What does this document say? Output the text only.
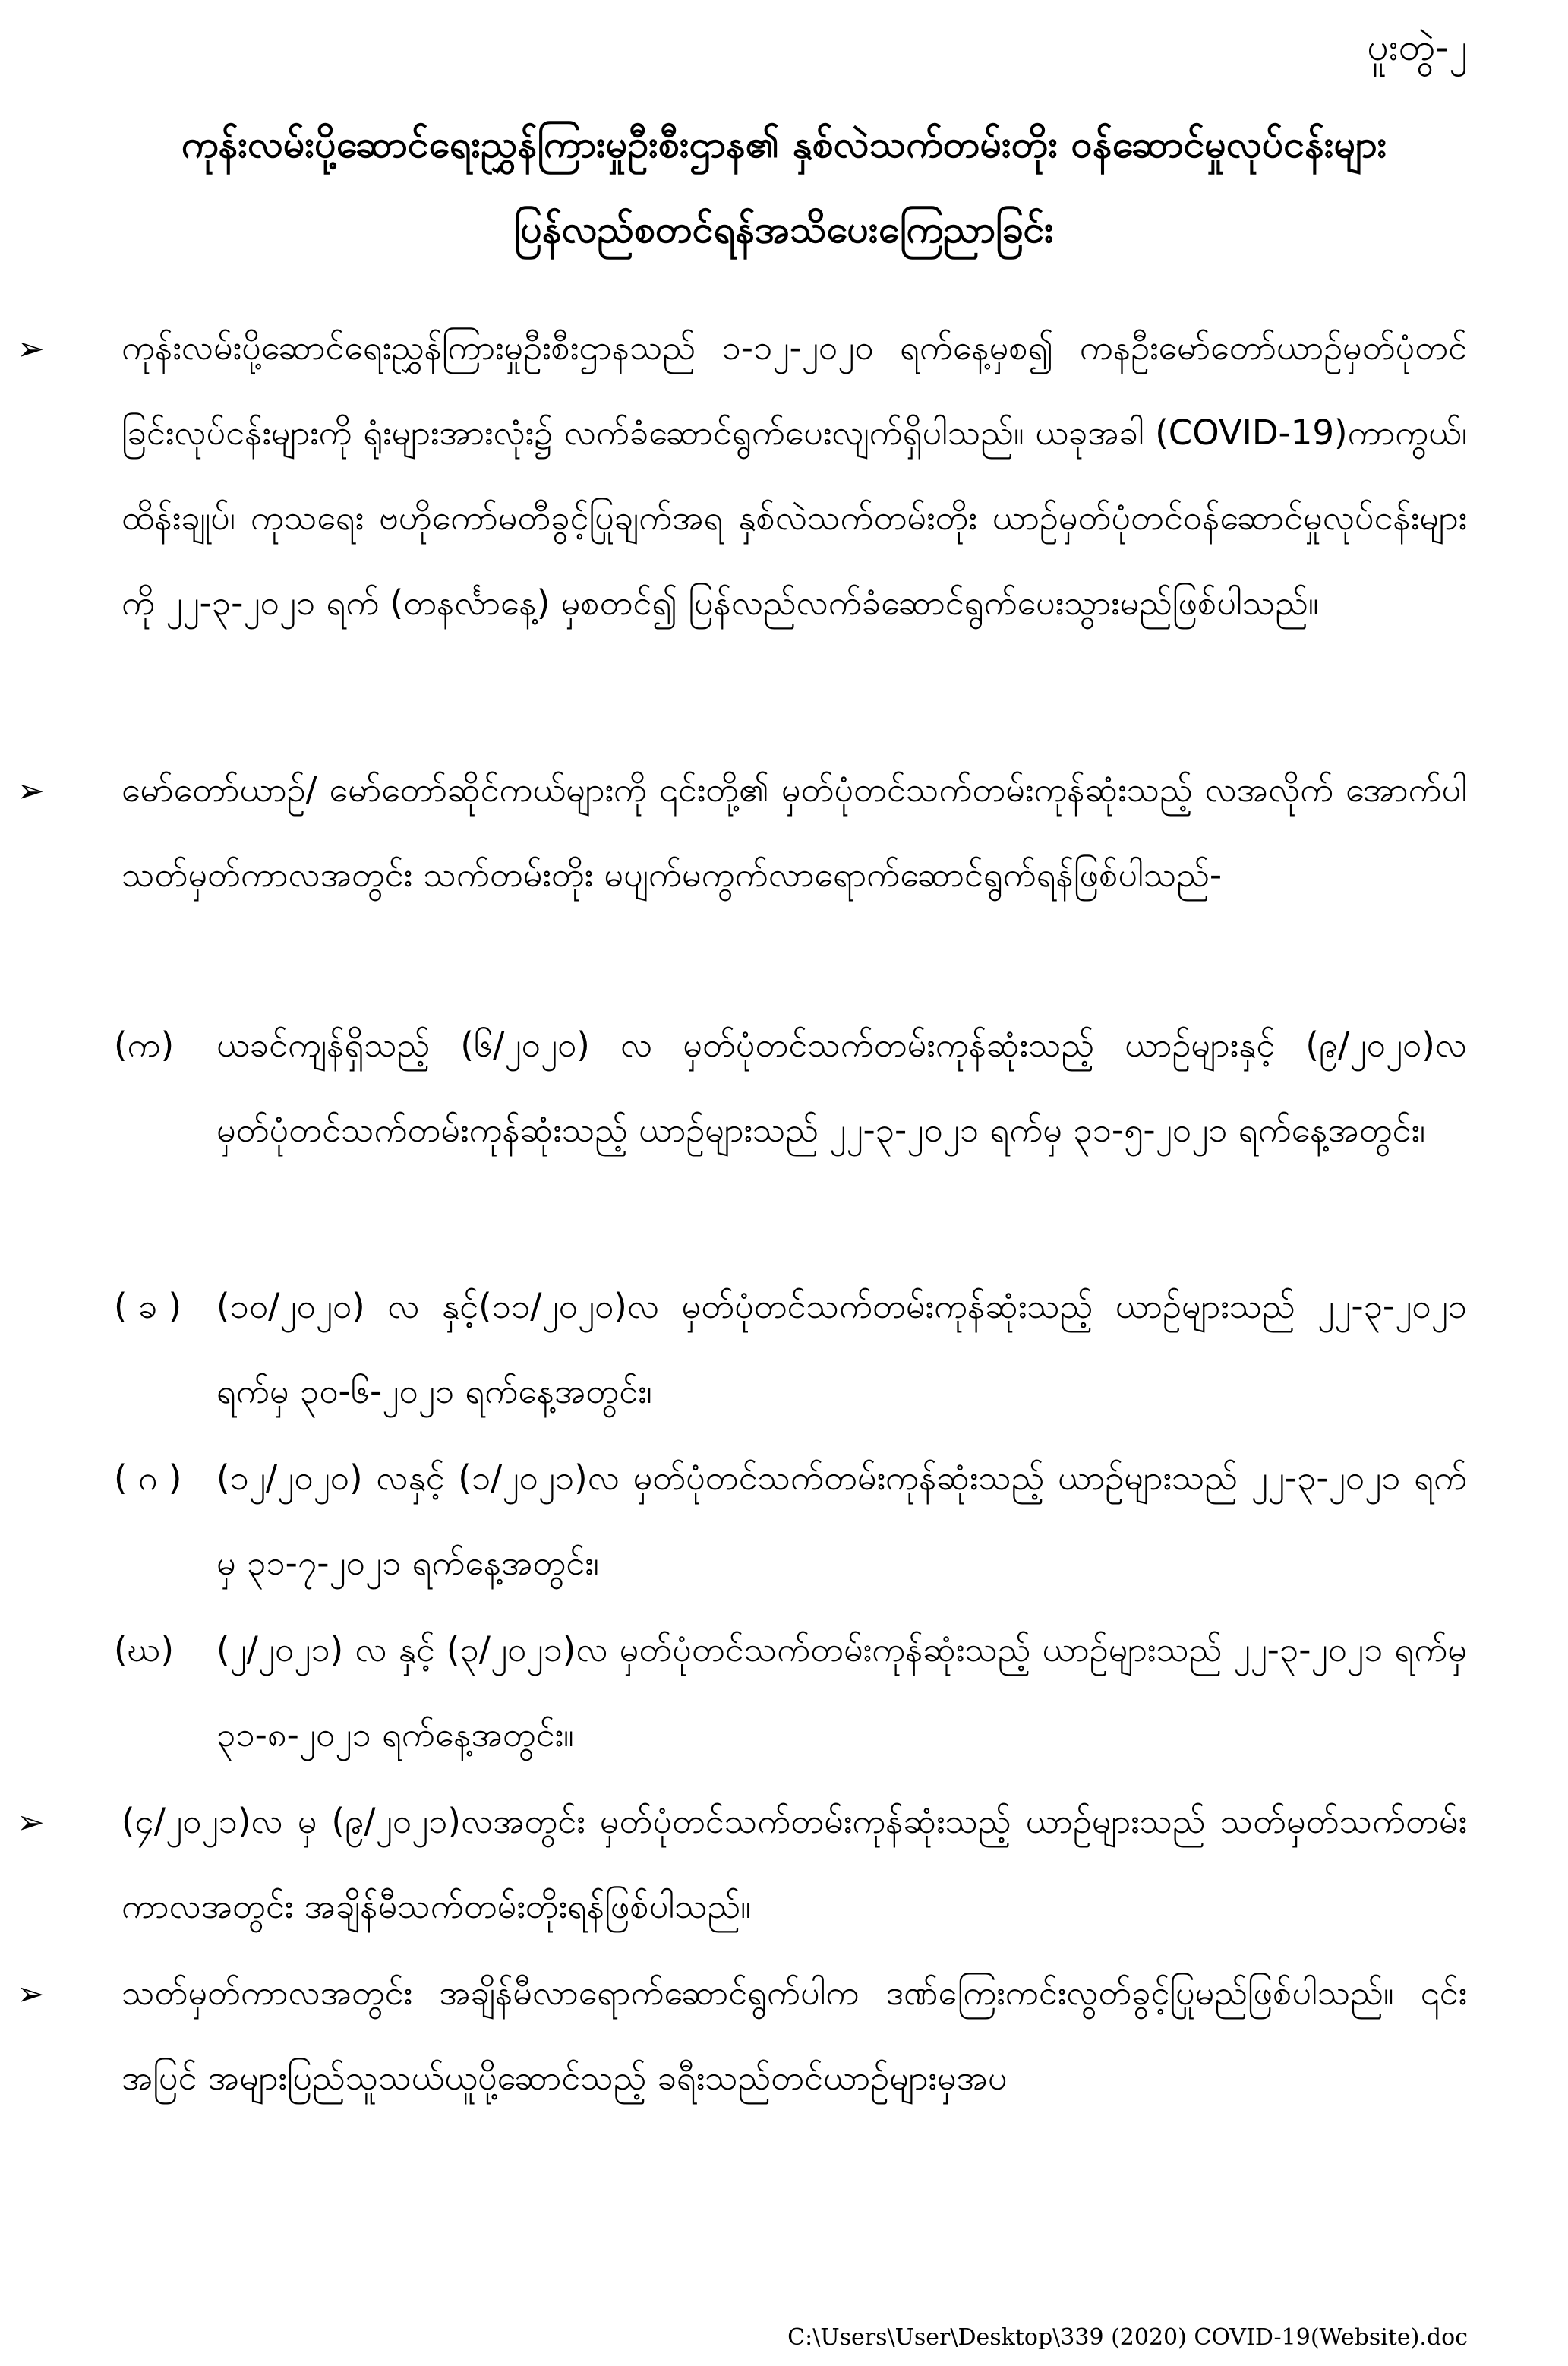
ပူးတွဲ-၂
ကုန်းလမ်းပို့ဆောင်ရေးညွှန်ကြားမှုဦးစီးဌာန၏ နှစ်လဲသက်တမ်းတိုး ဝန်ဆောင်မှုလုပ်ငန်းများ
ပြန်လည်စတင်ရန်အသိပေးကြေညာခြင်း
➢ ကုန်းလမ်းပို့ဆောင်ရေးညွှန်ကြားမှုဦးစီးဌာနသည် ၁-၁၂-၂၀၂၀ ရက်နေ့မှစ၍ ကနဦးမော်တော်ယာဉ်မှတ်ပုံတင်ခြင်းလုပ်ငန်းများကို ရုံးများအားလုံး၌ လက်ခံဆောင်ရွက်ပေးလျက်ရှိပါသည်။ ယခုအခါ (COVID-19)ကာကွယ်၊ ထိန်းချုပ်၊ ကုသရေး ဗဟိုကော်မတီခွင့်ပြုချက်အရ နှစ်လဲသက်တမ်းတိုး ယာဉ်မှတ်ပုံတင်ဝန်ဆောင်မှုလုပ်ငန်းများကို ၂၂-၃-၂၀၂၁ ရက် (တနင်္လာနေ့) မှစတင်၍ ပြန်လည်လက်ခံဆောင်ရွက်ပေးသွားမည်ဖြစ်ပါသည်။
➢ မော်တော်ယာဉ်/ မော်တော်ဆိုင်ကယ်များကို ၎င်းတို့၏ မှတ်ပုံတင်သက်တမ်းကုန်ဆုံးသည့် လအလိုက် အောက်ပါသတ်မှတ်ကာလအတွင်း သက်တမ်းတိုး မပျက်မကွက်လာရောက်ဆောင်ရွက်ရန်ဖြစ်ပါသည်-
(က) ယခင်ကျန်ရှိသည့် (၆/၂၀၂၀) လ မှတ်ပုံတင်သက်တမ်းကုန်ဆုံးသည့် ယာဉ်များနှင့် (၉/၂၀၂၀)လ မှတ်ပုံတင်သက်တမ်းကုန်ဆုံးသည့် ယာဉ်များသည် ၂၂-၃-၂၀၂၁ ရက်မှ ၃၁-၅-၂၀၂၁ ရက်နေ့အတွင်း၊
( ခ ) (၁၀/၂၀၂၀) လ နှင့်(၁၁/၂၀၂၀)လ မှတ်ပုံတင်သက်တမ်းကုန်ဆုံးသည့် ယာဉ်များသည် ၂၂-၃-၂၀၂၁ ရက်မှ ၃၀-၆-၂၀၂၁ ရက်နေ့အတွင်း၊
( ဂ ) (၁၂/၂၀၂၀) လနှင့် (၁/၂၀၂၁)လ မှတ်ပုံတင်သက်တမ်းကုန်ဆုံးသည့် ယာဉ်များသည် ၂၂-၃-၂၀၂၁ ရက်မှ ၃၁-၇-၂၀၂၁ ရက်နေ့အတွင်း၊
(ဃ) (၂/၂၀၂၁) လ နှင့် (၃/၂၀၂၁)လ မှတ်ပုံတင်သက်တမ်းကုန်ဆုံးသည့် ယာဉ်များသည် ၂၂-၃-၂၀၂၁ ရက်မှ ၃၁-၈-၂၀၂၁ ရက်နေ့အတွင်း။
➢ (၄/၂၀၂၁)လ မှ (၉/၂၀၂၁)လအတွင်း မှတ်ပုံတင်သက်တမ်းကုန်ဆုံးသည့် ယာဉ်များသည် သတ်မှတ်သက်တမ်းကာလအတွင်း အချိန်မီသက်တမ်းတိုးရန်ဖြစ်ပါသည်။
➢ သတ်မှတ်ကာလအတွင်း အချိန်မီလာရောက်ဆောင်ရွက်ပါက ဒဏ်ကြေးကင်းလွတ်ခွင့်ပြုမည်ဖြစ်ပါသည်။ ၎င်းအပြင် အများပြည်သူသယ်ယူပို့ဆောင်သည့် ခရီးသည်တင်ယာဉ်များမှအပ
C:\Users\User\Desktop\339 (2020) COVID-19(Website).doc
